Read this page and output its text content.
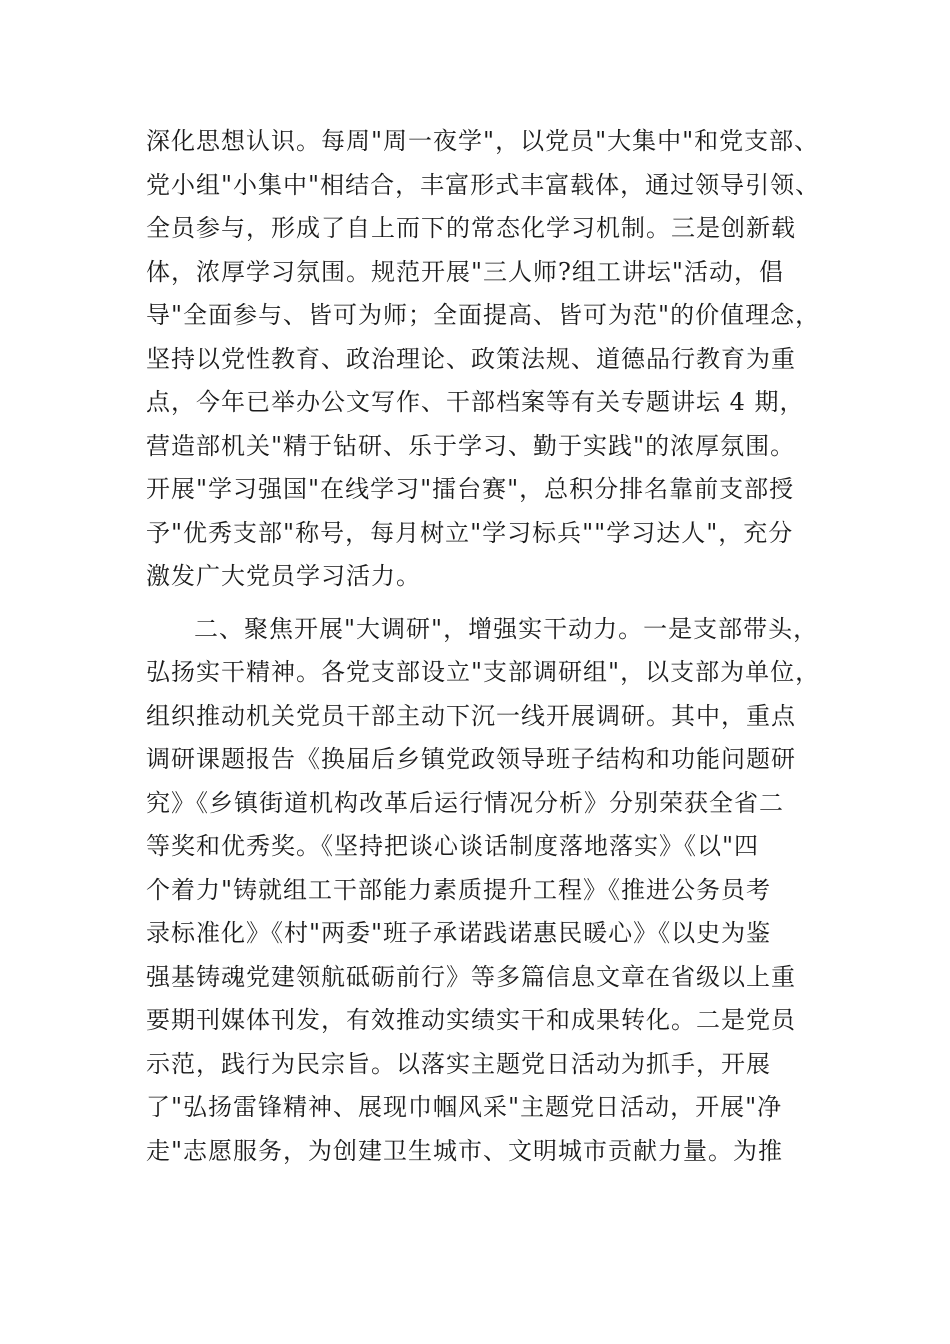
深化思想认识。每周"周一夜学"，以党员"大集中"和党支部、
党小组"小集中"相结合，丰富形式丰富载体，通过领导引领、
全员参与，形成了自上而下的常态化学习机制。三是创新载
体，浓厚学习氛围。规范开展"三人师?组工讲坛"活动，倡
导"全面参与、皆可为师；全面提高、皆可为范"的价值理念，
坚持以党性教育、政治理论、政策法规、道德品行教育为重
点，今年已举办公文写作、干部档案等有关专题讲坛 4 期，
营造部机关"精于钻研、乐于学习、勤于实践"的浓厚氛围。
开展"学习强国"在线学习"擂台赛"，总积分排名靠前支部授
予"优秀支部"称号，每月树立"学习标兵""学习达人"，充分
激发广大党员学习活力。
二、聚焦开展"大调研"，增强实干动力。一是支部带头，
弘扬实干精神。各党支部设立"支部调研组"，以支部为单位，
组织推动机关党员干部主动下沉一线开展调研。其中，重点
调研课题报告《换届后乡镇党政领导班子结构和功能问题研
究》《乡镇街道机构改革后运行情况分析》分别荣获全省二
等奖和优秀奖。《坚持把谈心谈话制度落地落实》《以"四
个着力"铸就组工干部能力素质提升工程》《推进公务员考
录标准化》《村"两委"班子承诺践诺惠民暖心》《以史为鉴
强基铸魂党建领航砥砺前行》等多篇信息文章在省级以上重
要期刊媒体刊发，有效推动实绩实干和成果转化。二是党员
示范，践行为民宗旨。以落实主题党日活动为抓手，开展
了"弘扬雷锋精神、展现巾帼风采"主题党日活动，开展"净
走"志愿服务，为创建卫生城市、文明城市贡献力量。为推
